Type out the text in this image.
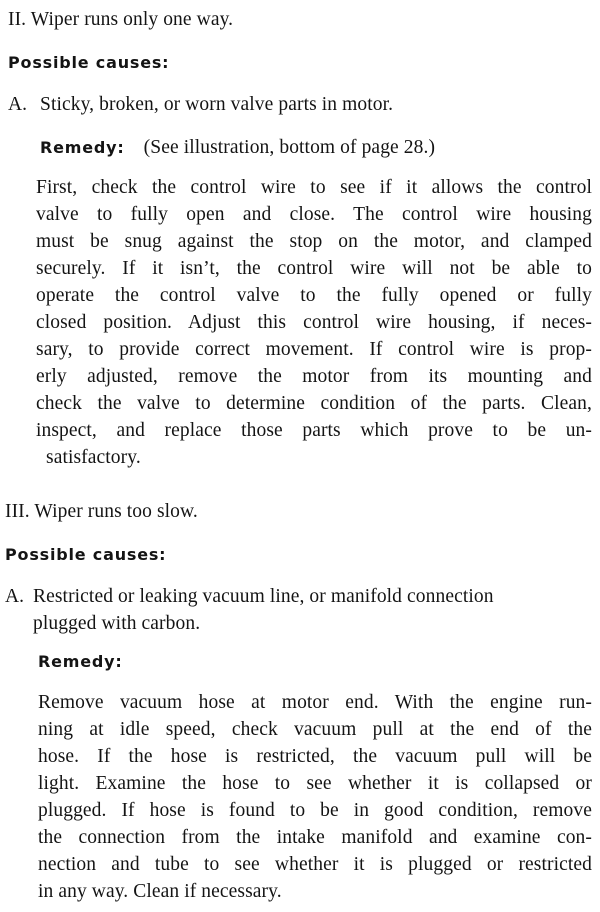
II. Wiper runs only one way.
Possible causes:
A. Sticky, broken, or worn valve parts in motor.
Remedy: (See illustration, bottom of page 28.)
First, check the control wire to see if it allows the control
valve to fully open and close. The control wire housing
must be snug against the stop on the motor, and clamped
securely. If it isn’t, the control wire will not be able to
operate the control valve to the fully opened or fully
closed position. Adjust this control wire housing, if neces-
sary, to provide correct movement. If control wire is prop-
erly adjusted, remove the motor from its mounting and
check the valve to determine condition of the parts. Clean,
inspect, and replace those parts which prove to be un-
satisfactory.
III. Wiper runs too slow.
Possible causes:
A. Restricted or leaking vacuum line, or manifold connection
plugged with carbon.
Remedy:
Remove vacuum hose at motor end. With the engine run-
ning at idle speed, check vacuum pull at the end of the
hose. If the hose is restricted, the vacuum pull will be
light. Examine the hose to see whether it is collapsed or
plugged. If hose is found to be in good condition, remove
the connection from the intake manifold and examine con-
nection and tube to see whether it is plugged or restricted
in any way. Clean if necessary.
